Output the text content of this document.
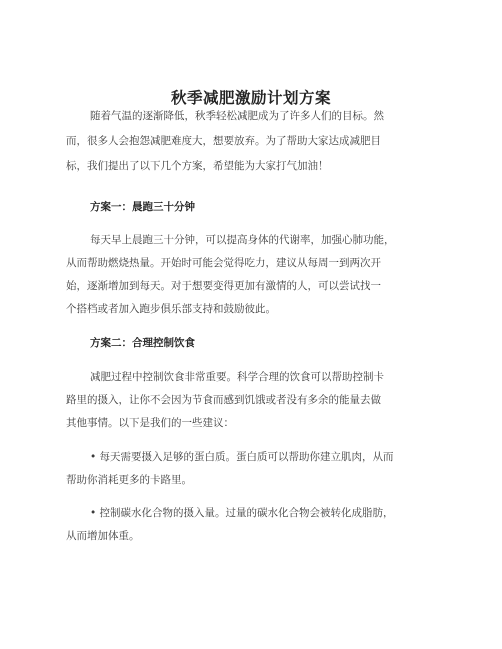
秋季减肥激励计划方案
随着气温的逐渐降低，秋季轻松减肥成为了许多人们的目标。然
而，很多人会抱怨减肥难度大，想要放弃。为了帮助大家达成减肥目
标，我们提出了以下几个方案，希望能为大家打气加油！
方案一：晨跑三十分钟
每天早上晨跑三十分钟，可以提高身体的代谢率，加强心肺功能，
从而帮助燃烧热量。开始时可能会觉得吃力，建议从每周一到两次开
始，逐渐增加到每天。对于想要变得更加有激情的人，可以尝试找一
个搭档或者加入跑步俱乐部支持和鼓励彼此。
方案二：合理控制饮食
减肥过程中控制饮食非常重要。科学合理的饮食可以帮助控制卡
路里的摄入，让你不会因为节食而感到饥饿或者没有多余的能量去做
其他事情。以下是我们的一些建议：
• 每天需要摄入足够的蛋白质。蛋白质可以帮助你建立肌肉，从而
帮助你消耗更多的卡路里。
• 控制碳水化合物的摄入量。过量的碳水化合物会被转化成脂肪，
从而增加体重。
